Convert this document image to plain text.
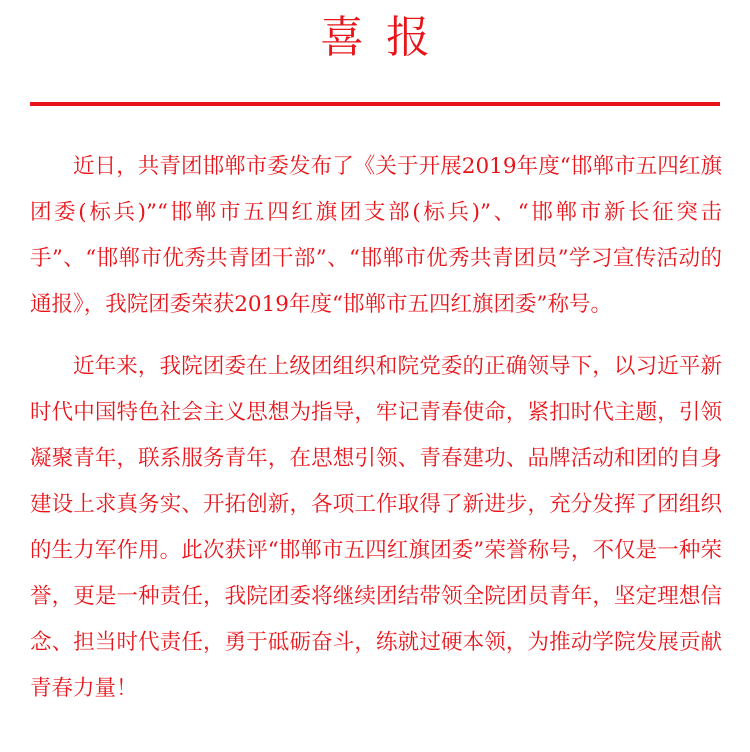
喜报

近日，共青团邯郸市委发布了《关于开展2019年度“邯郸市五四红旗团委(标兵)”“邯郸市五四红旗团支部(标兵)”、“邯郸市新长征突击手”、“邯郸市优秀共青团干部”、“邯郸市优秀共青团员”学习宣传活动的通报》，我院团委荣获2019年度“邯郸市五四红旗团委”称号。

近年来，我院团委在上级团组织和院党委的正确领导下，以习近平新时代中国特色社会主义思想为指导，牢记青春使命，紧扣时代主题，引领凝聚青年，联系服务青年，在思想引领、青春建功、品牌活动和团的自身建设上求真务实、开拓创新，各项工作取得了新进步，充分发挥了团组织的生力军作用。此次获评“邯郸市五四红旗团委”荣誉称号，不仅是一种荣誉，更是一种责任，我院团委将继续团结带领全院团员青年，坚定理想信念、担当时代责任，勇于砥砺奋斗，练就过硬本领，为推动学院发展贡献青春力量！
